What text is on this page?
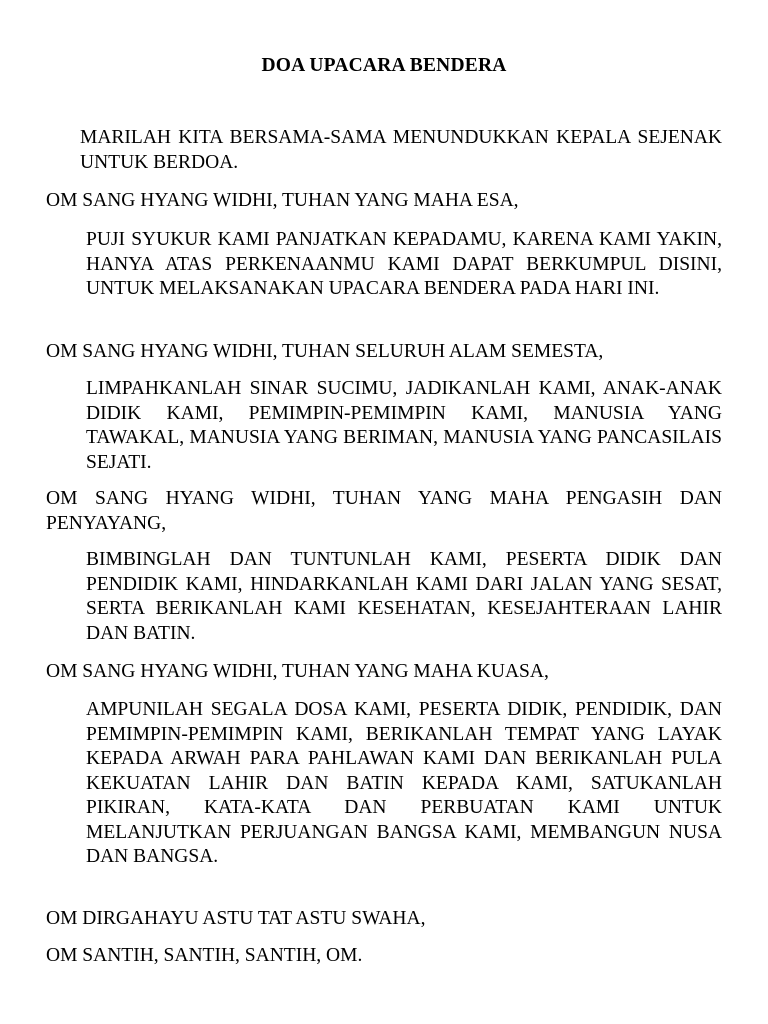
DOA UPACARA BENDERA

MARILAH KITA BERSAMA-SAMA MENUNDUKKAN KEPALA SEJENAK UNTUK BERDOA.

OM SANG HYANG WIDHI, TUHAN YANG MAHA ESA,

PUJI SYUKUR KAMI PANJATKAN KEPADAMU, KARENA KAMI YAKIN, HANYA ATAS PERKENAANMU KAMI DAPAT BERKUMPUL DISINI, UNTUK MELAKSANAKAN UPACARA BENDERA PADA HARI INI.

OM SANG HYANG WIDHI, TUHAN SELURUH ALAM SEMESTA,

LIMPAHKANLAH SINAR SUCIMU, JADIKANLAH KAMI, ANAK-ANAK DIDIK KAMI, PEMIMPIN-PEMIMPIN KAMI, MANUSIA YANG TAWAKAL, MANUSIA YANG BERIMAN, MANUSIA YANG PANCASILAIS SEJATI.

OM SANG HYANG WIDHI, TUHAN YANG MAHA PENGASIH DAN PENYAYANG,

BIMBINGLAH DAN TUNTUNLAH KAMI, PESERTA DIDIK DAN PENDIDIK KAMI, HINDARKANLAH KAMI DARI JALAN YANG SESAT, SERTA BERIKANLAH KAMI KESEHATAN, KESEJAHTERAAN LAHIR DAN BATIN.

OM SANG HYANG WIDHI, TUHAN YANG MAHA KUASA,

AMPUNILAH SEGALA DOSA KAMI, PESERTA DIDIK, PENDIDIK, DAN PEMIMPIN-PEMIMPIN KAMI, BERIKANLAH TEMPAT YANG LAYAK KEPADA ARWAH PARA PAHLAWAN KAMI DAN BERIKANLAH PULA KEKUATAN LAHIR DAN BATIN KEPADA KAMI, SATUKANLAH PIKIRAN, KATA-KATA DAN PERBUATAN KAMI UNTUK MELANJUTKAN PERJUANGAN BANGSA KAMI, MEMBANGUN NUSA DAN BANGSA.

OM DIRGAHAYU ASTU TAT ASTU SWAHA,

OM SANTIH, SANTIH, SANTIH, OM.
